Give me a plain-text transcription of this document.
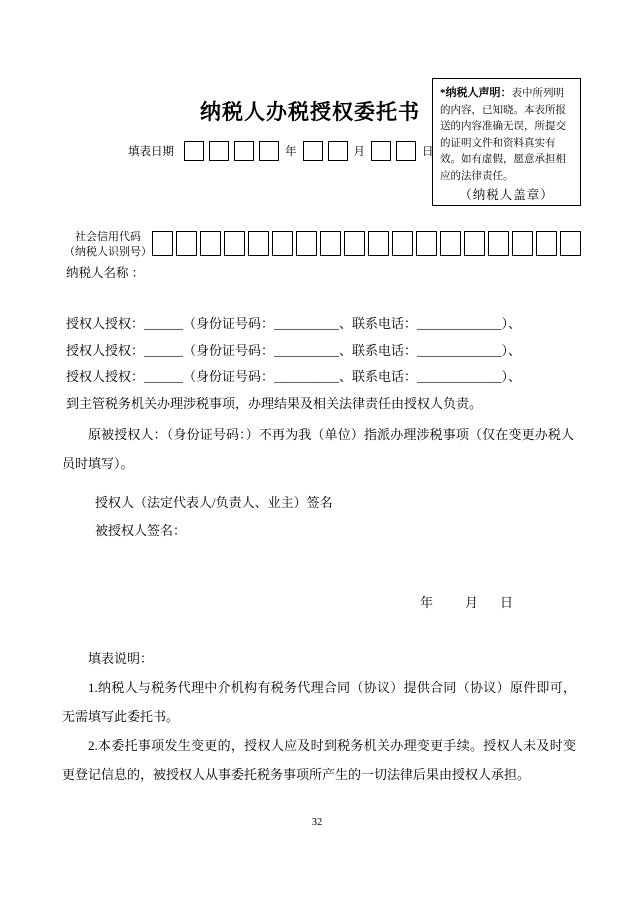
纳税人办税授权委托书
*纳税人声明：表中所列明的内容，已知晓。本表所报送的内容准确无误，所提交的证明文件和资料真实有效。如有虚假，愿意承担相应的法律责任。
（纳税人盖章）
填表日期	年	月	日
社会信用代码
（纳税人识别号）
纳税人名称 ：
授权人授权：______（身份证号码：__________、联系电话：_____________）、
授权人授权：______（身份证号码：__________、联系电话：_____________）、
授权人授权：______（身份证号码：__________、联系电话：_____________）、
到主管税务机关办理涉税事项，办理结果及相关法律责任由授权人负责。

原被授权人：（身份证号码：）不再为我（单位）指派办理涉税事项（仅在变更办税人员时填写）。

授权人（法定代表人/负责人、业主）签名
被授权人签名：
年 月 日
填表说明：

1.纳税人与税务代理中介机构有税务代理合同（协议）提供合同（协议）原件即可，无需填写此委托书。

2.本委托事项发生变更的，授权人应及时到税务机关办理变更手续。授权人未及时变更登记信息的，被授权人从事委托税务事项所产生的一切法律后果由授权人承担。

32
